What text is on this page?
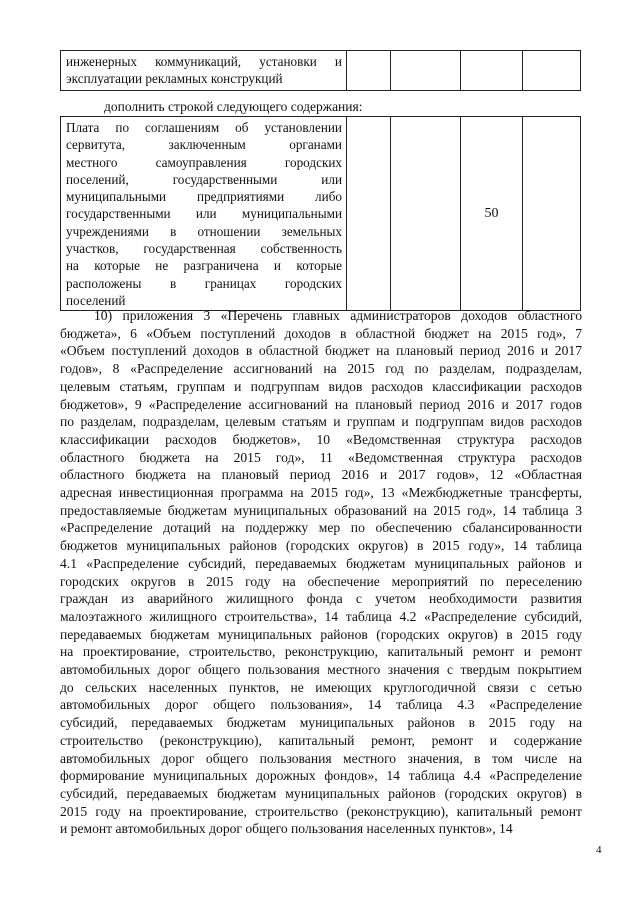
инженерных коммуникаций, установки и
эксплуатации рекламных конструкций

дополнить строкой следующего содержания:
Плата по соглашениям об установлении
сервитута, заключенным органами
местного самоуправления городских
поселений, государственными или
муниципальными предприятиями либо
государственными или муниципальными
учреждениями в отношении земельных
участков, государственная собственность
на которые не разграничена и которые
расположены в границах городских
поселений
			50	
10) приложения 3 «Перечень главных администраторов доходов областного
бюджета», 6 «Объем поступлений доходов в областной бюджет на 2015 год», 7
«Объем поступлений доходов в областной бюджет на плановый период 2016 и 2017
годов», 8 «Распределение ассигнований на 2015 год по разделам, подразделам,
целевым статьям, группам и подгруппам видов расходов классификации расходов
бюджетов», 9 «Распределение ассигнований на плановый период 2016 и 2017 годов
по разделам, подразделам, целевым статьям и группам и подгруппам видов расходов
классификации расходов бюджетов», 10 «Ведомственная структура расходов
областного бюджета на 2015 год», 11 «Ведомственная структура расходов
областного бюджета на плановый период 2016 и 2017 годов», 12 «Областная
адресная инвестиционная программа на 2015 год», 13 «Межбюджетные трансферты,
предоставляемые бюджетам муниципальных образований на 2015 год», 14 таблица 3
«Распределение дотаций на поддержку мер по обеспечению сбалансированности
бюджетов муниципальных районов (городских округов) в 2015 году», 14 таблица
4.1 «Распределение субсидий, передаваемых бюджетам муниципальных районов и
городских округов в 2015 году на обеспечение мероприятий по переселению
граждан из аварийного жилищного фонда с учетом необходимости развития
малоэтажного жилищного строительства», 14 таблица 4.2 «Распределение субсидий,
передаваемых бюджетам муниципальных районов (городских округов) в 2015 году
на проектирование, строительство, реконструкцию, капитальный ремонт и ремонт
автомобильных дорог общего пользования местного значения с твердым покрытием
до сельских населенных пунктов, не имеющих круглогодичной связи с сетью
автомобильных дорог общего пользования», 14 таблица 4.3 «Распределение
субсидий, передаваемых бюджетам муниципальных районов в 2015 году на
строительство (реконструкцию), капитальный ремонт, ремонт и содержание
автомобильных дорог общего пользования местного значения, в том числе на
формирование муниципальных дорожных фондов», 14 таблица 4.4 «Распределение
субсидий, передаваемых бюджетам муниципальных районов (городских округов) в
2015 году на проектирование, строительство (реконструкцию), капитальный ремонт
и ремонт автомобильных дорог общего пользования населенных пунктов», 14
4
